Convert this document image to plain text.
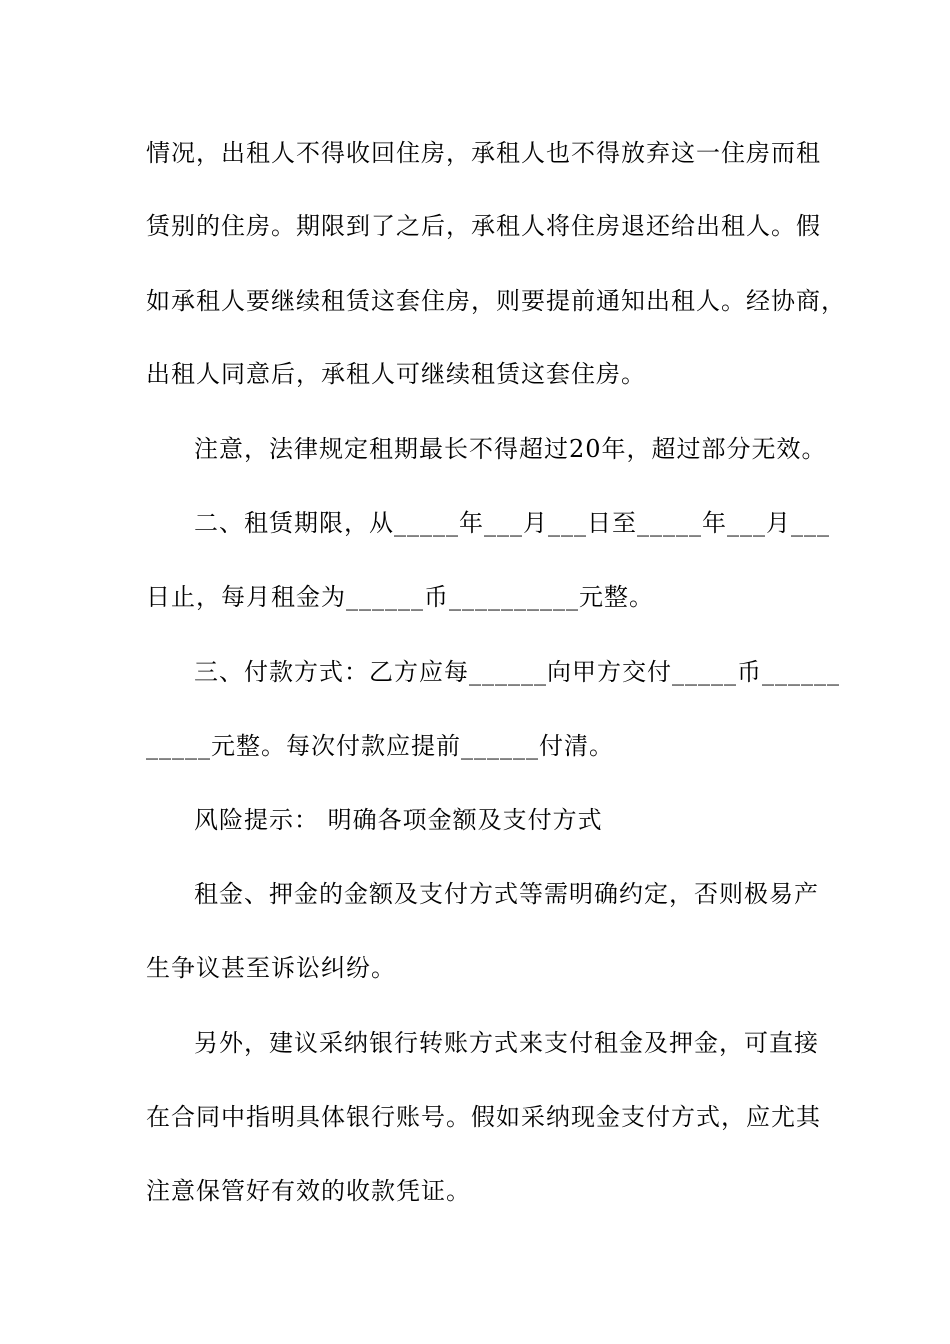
情况，出租人不得收回住房，承租人也不得放弃这一住房而租
赁别的住房。期限到了之后，承租人将住房退还给出租人。假
如承租人要继续租赁这套住房，则要提前通知出租人。经协商，
出租人同意后，承租人可继续租赁这套住房。
注意，法律规定租期最长不得超过20年，超过部分无效。
二、租赁期限，从_____年___月___日至_____年___月___
日止，每月租金为______币__________元整。
三、付款方式：乙方应每______向甲方交付_____币______
_____元整。每次付款应提前______付清。
风险提示： 明确各项金额及支付方式
租金、押金的金额及支付方式等需明确约定，否则极易产
生争议甚至诉讼纠纷。
另外，建议采纳银行转账方式来支付租金及押金，可直接
在合同中指明具体银行账号。假如采纳现金支付方式，应尤其
注意保管好有效的收款凭证。
